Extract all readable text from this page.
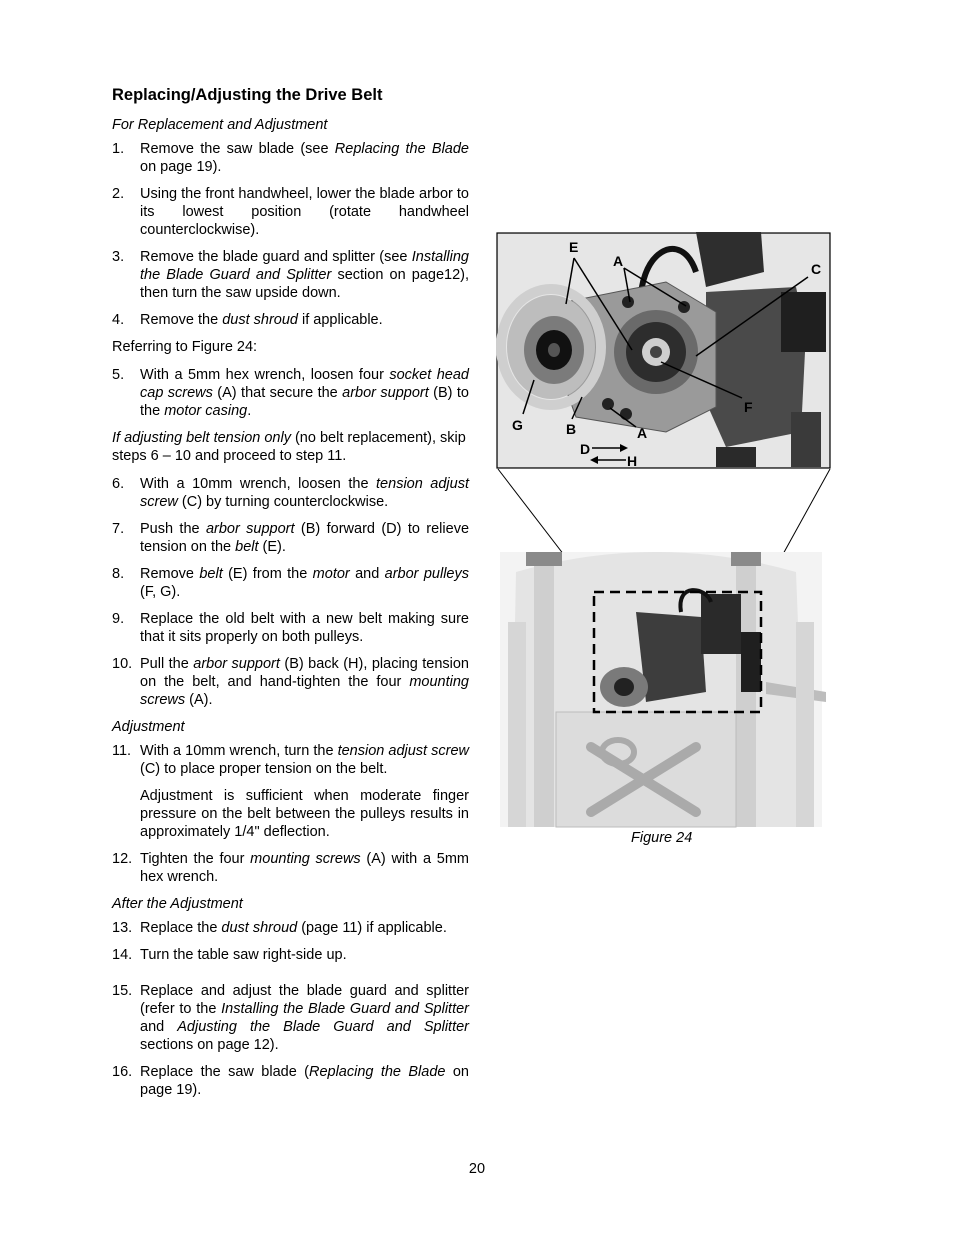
Replacing/Adjusting the Drive Belt

For Replacement and Adjustment

1. Remove the saw blade (see Replacing the Blade on page 19).
2. Using the front handwheel, lower the blade arbor to its lowest position (rotate handwheel counterclockwise).
3. Remove the blade guard and splitter (see Installing the Blade Guard and Splitter section on page12), then turn the saw upside down.
4. Remove the dust shroud if applicable.

Referring to Figure 24:

5. With a 5mm hex wrench, loosen four socket head cap screws (A) that secure the arbor support (B) to the motor casing.

If adjusting belt tension only (no belt replacement), skip steps 6 – 10 and proceed to step 11.

6. With a 10mm wrench, loosen the tension adjust screw (C) by turning counterclockwise.
7. Push the arbor support (B) forward (D) to relieve tension on the belt (E).
8. Remove belt (E) from the motor and arbor pulleys (F, G).
9. Replace the old belt with a new belt making sure that it sits properly on both pulleys.
10. Pull the arbor support (B) back (H), placing tension on the belt, and hand-tighten the four mounting screws (A).

Adjustment

11. With a 10mm wrench, turn the tension adjust screw (C) to place proper tension on the belt.
Adjustment is sufficient when moderate finger pressure on the belt between the pulleys results in approximately 1/4" deflection.
12. Tighten the four mounting screws (A) with a 5mm hex wrench.

After the Adjustment

13. Replace the dust shroud (page 11) if applicable.
14. Turn the table saw right-side up.
15. Replace and adjust the blade guard and splitter (refer to the Installing the Blade Guard and Splitter and Adjusting the Blade Guard and Splitter sections on page 12).
16. Replace the saw blade (Replacing the Blade on page 19).
E
A	C
F
G	B	A
D
H
Figure 24
20
